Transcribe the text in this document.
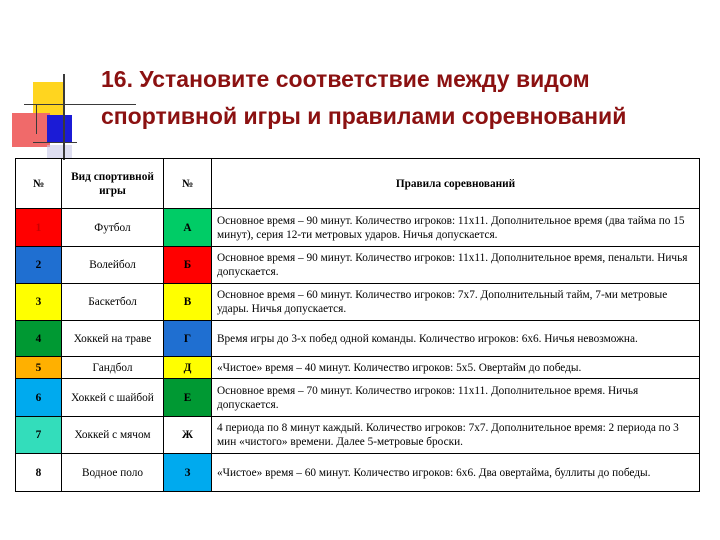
16. Установите соответствие между видом
спортивной игры и правилами соревнований
№	Вид спортивной игры	№	Правила соревнований
1	Футбол	А	Основное время – 90 минут. Количество игроков: 11х11. Дополнительное время (два тайма по 15 минут), серия 12-ти метровых ударов. Ничья допускается.
2	Волейбол	Б	Основное время – 90 минут. Количество игроков: 11х11. Дополнительное время, пенальти. Ничья допускается.
3	Баскетбол	В	Основное время – 60 минут. Количество игроков: 7х7. Дополнительный тайм, 7-ми метровые удары. Ничья допускается.
4	Хоккей на траве	Г	Время игры до 3-х побед одной команды. Количество игроков: 6х6. Ничья невозможна.
5	Гандбол	Д	«Чистое» время – 40 минут. Количество игроков: 5х5. Овертайм до победы.
6	Хоккей с шайбой	Е	Основное время – 70 минут. Количество игроков: 11х11. Дополнительное время. Ничья допускается.
7	Хоккей с мячом	Ж	4 периода по 8 минут каждый. Количество игроков: 7х7. Дополнительное время: 2 периода по 3 мин «чистого» времени. Далее 5-метровые броски.
8	Водное поло	З	«Чистое» время – 60 минут. Количество игроков: 6х6. Два овертайма, буллиты до победы.
